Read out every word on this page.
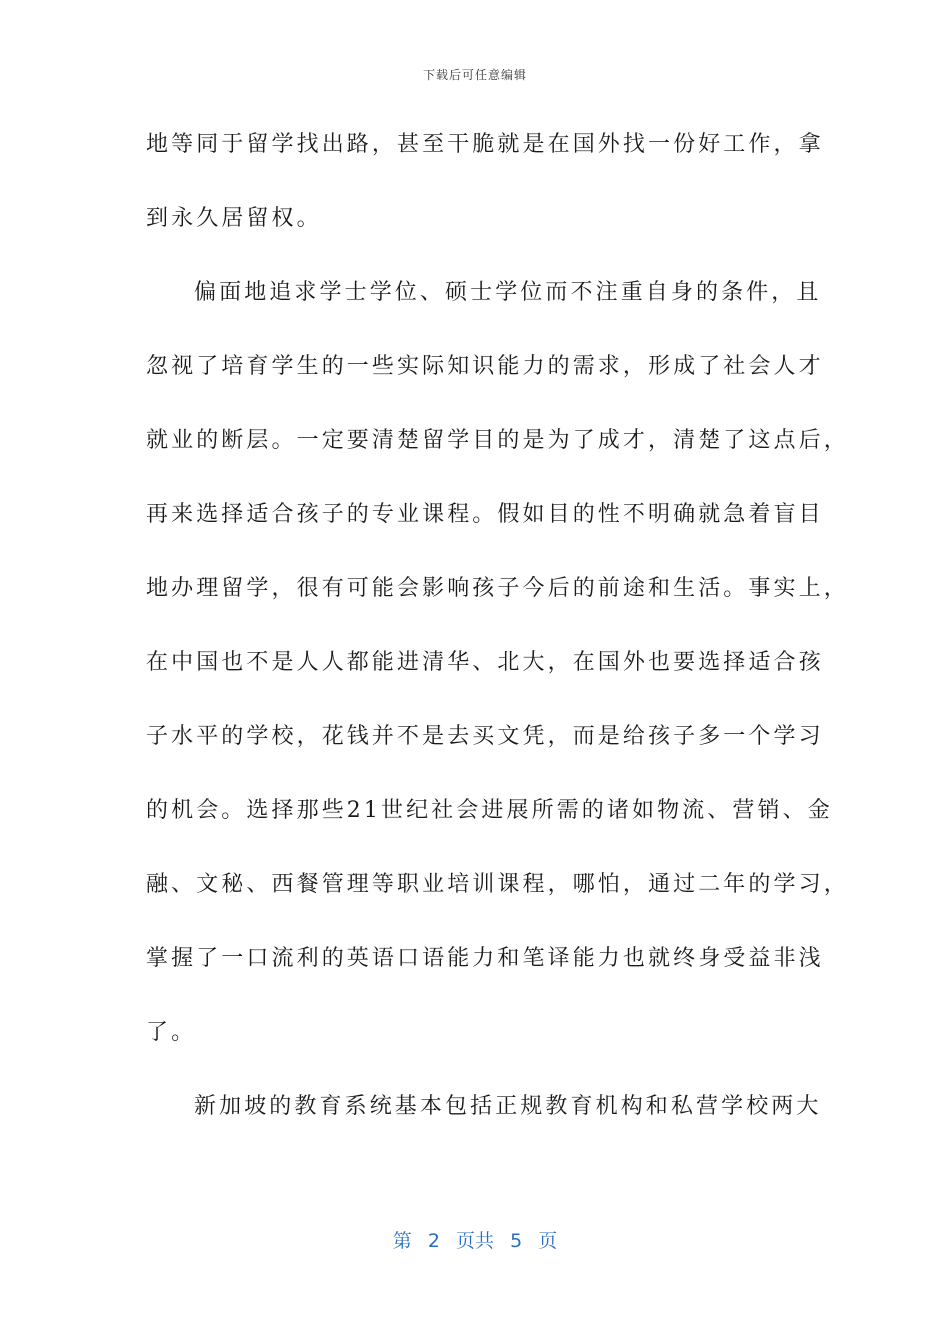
下载后可任意编辑
地等同于留学找出路，甚至干脆就是在国外找一份好工作，拿
到永久居留权。
偏面地追求学士学位、硕士学位而不注重自身的条件，且
忽视了培育学生的一些实际知识能力的需求，形成了社会人才
就业的断层。一定要清楚留学目的是为了成才，清楚了这点后，
再来选择适合孩子的专业课程。假如目的性不明确就急着盲目
地办理留学，很有可能会影响孩子今后的前途和生活。事实上，
在中国也不是人人都能进清华、北大，在国外也要选择适合孩
子水平的学校，花钱并不是去买文凭，而是给孩子多一个学习
的机会。选择那些21世纪社会进展所需的诸如物流、营销、金
融、文秘、西餐管理等职业培训课程，哪怕，通过二年的学习，
掌握了一口流利的英语口语能力和笔译能力也就终身受益非浅
了。
新加坡的教育系统基本包括正规教育机构和私营学校两大
第  2  页共  5  页
